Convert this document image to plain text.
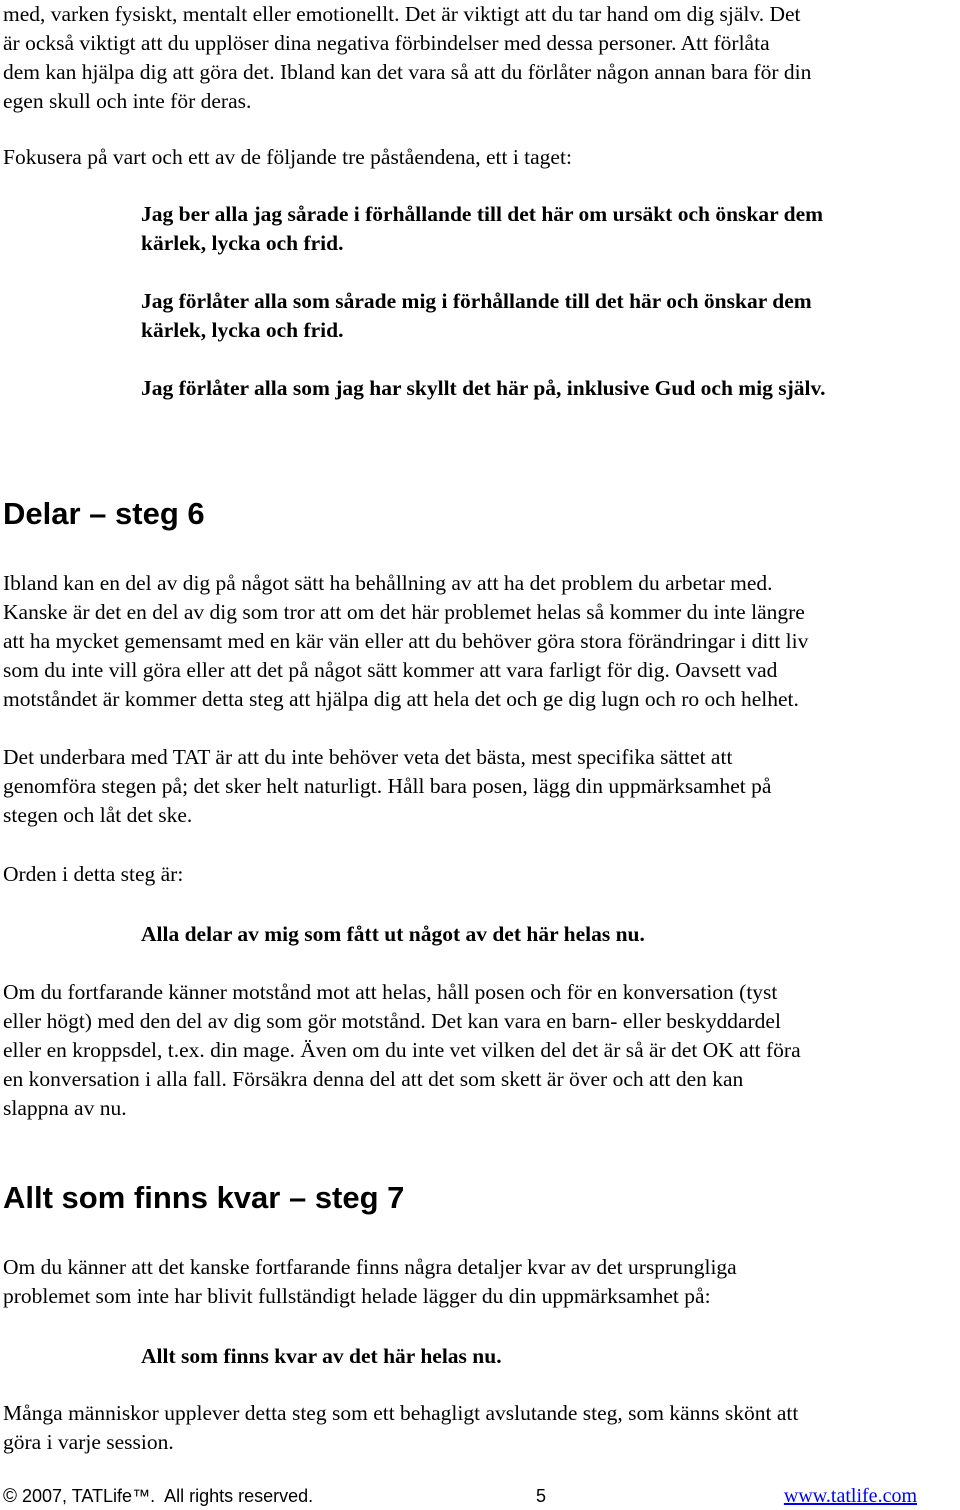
med, varken fysiskt, mentalt eller emotionellt. Det är viktigt att du tar hand om dig själv. Det
är också viktigt att du upplöser dina negativa förbindelser med dessa personer. Att förlåta
dem kan hjälpa dig att göra det. Ibland kan det vara så att du förlåter någon annan bara för din
egen skull och inte för deras.

Fokusera på vart och ett av de följande tre påståendena, ett i taget:

Jag ber alla jag sårade i förhållande till det här om ursäkt och önskar dem
kärlek, lycka och frid.

Jag förlåter alla som sårade mig i förhållande till det här och önskar dem
kärlek, lycka och frid.

Jag förlåter alla som jag har skyllt det här på, inklusive Gud och mig själv.

Delar – steg 6

Ibland kan en del av dig på något sätt ha behållning av att ha det problem du arbetar med.
Kanske är det en del av dig som tror att om det här problemet helas så kommer du inte längre
att ha mycket gemensamt med en kär vän eller att du behöver göra stora förändringar i ditt liv
som du inte vill göra eller att det på något sätt kommer att vara farligt för dig. Oavsett vad
motståndet är kommer detta steg att hjälpa dig att hela det och ge dig lugn och ro och helhet.

Det underbara med TAT är att du inte behöver veta det bästa, mest specifika sättet att
genomföra stegen på; det sker helt naturligt. Håll bara posen, lägg din uppmärksamhet på
stegen och låt det ske.

Orden i detta steg är:

Alla delar av mig som fått ut något av det här helas nu.

Om du fortfarande känner motstånd mot att helas, håll posen och för en konversation (tyst
eller högt) med den del av dig som gör motstånd. Det kan vara en barn- eller beskyddardel
eller en kroppsdel, t.ex. din mage. Även om du inte vet vilken del det är så är det OK att föra
en konversation i alla fall. Försäkra denna del att det som skett är över och att den kan
slappna av nu.

Allt som finns kvar – steg 7

Om du känner att det kanske fortfarande finns några detaljer kvar av det ursprungliga
problemet som inte har blivit fullständigt helade lägger du din uppmärksamhet på:

Allt som finns kvar av det här helas nu.

Många människor upplever detta steg som ett behagligt avslutande steg, som känns skönt att
göra i varje session.

© 2007, TATLife™.  All rights reserved.	5	www.tatlife.com
